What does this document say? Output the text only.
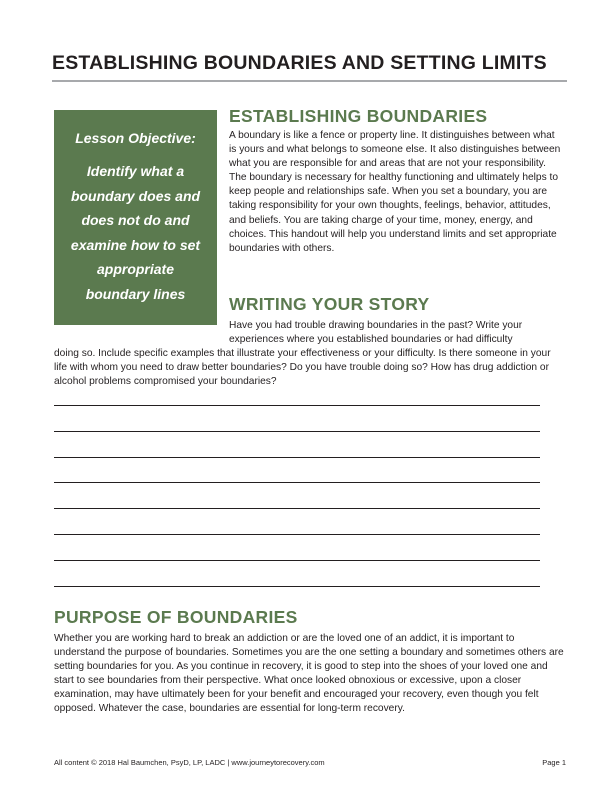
ESTABLISHING BOUNDARIES AND SETTING LIMITS

Lesson Objective:

Identify what a boundary does and does not do and examine how to set appropriate boundary lines

ESTABLISHING BOUNDARIES

A boundary is like a fence or property line. It distinguishes between what is yours and what belongs to someone else. It also distinguishes between what you are responsible for and areas that are not your responsibility. The boundary is necessary for healthy functioning and ultimately helps to keep people and relationships safe. When you set a boundary, you are taking responsibility for your own thoughts, feelings, behavior, attitudes, and beliefs. You are taking charge of your time, money, energy, and choices. This handout will help you understand limits and set appropriate boundaries with others.

WRITING YOUR STORY

Have you had trouble drawing boundaries in the past? Write your experiences where you established boundaries or had difficulty

doing so. Include specific examples that illustrate your effectiveness or your difficulty. Is there someone in your life with whom you need to draw better boundaries? Do you have trouble doing so? How has drug addiction or alcohol problems compromised your boundaries?

PURPOSE OF BOUNDARIES

Whether you are working hard to break an addiction or are the loved one of an addict, it is important to understand the purpose of boundaries. Sometimes you are the one setting a boundary and sometimes others are setting boundaries for you. As you continue in recovery, it is good to step into the shoes of your loved one and start to see boundaries from their perspective. What once looked obnoxious or excessive, upon a closer examination, may have ultimately been for your benefit and encouraged your recovery, even though you felt opposed. Whatever the case, boundaries are essential for long-term recovery.

All content © 2018 Hal Baumchen, PsyD, LP, LADC | www.journeytorecovery.com	Page 1
